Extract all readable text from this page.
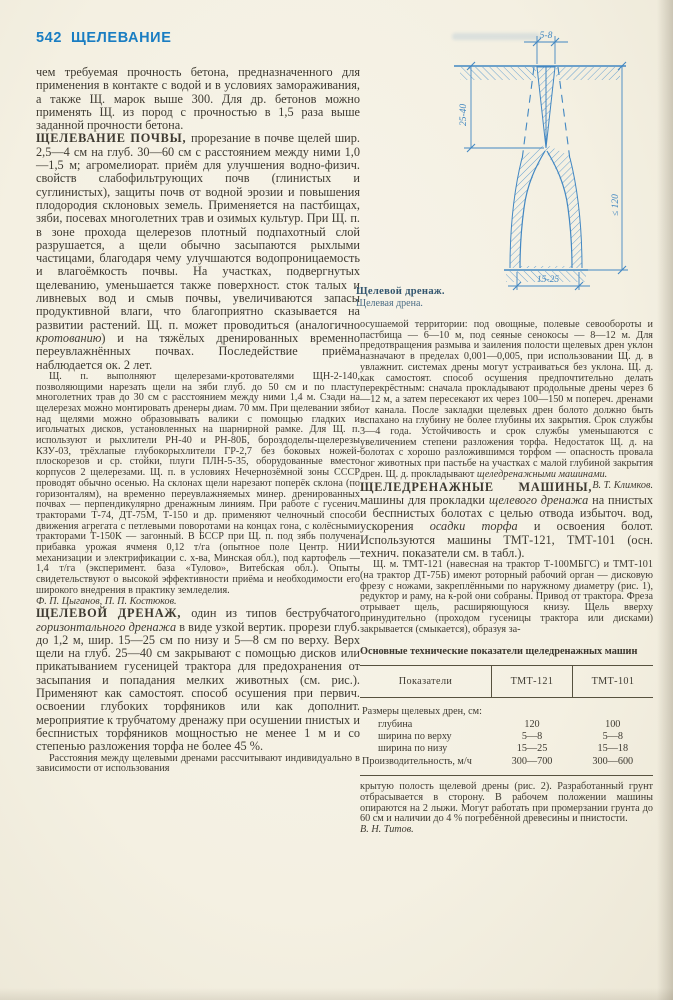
542 ЩЕЛЕВАНИЕ

чем требуемая прочность бетона, предназначенного для применения в контакте с водой и в условиях замораживания, а также Щ. марок выше 300. Для др. бетонов можно применять Щ. из пород с прочностью в 1,5 раза выше заданной прочности бетона.

ЩЕЛЕВАНИЕ ПОЧВЫ, прорезание в почве щелей шир. 2,5—4 см на глуб. 30—60 см с расстоянием между ними 1,0—1,5 м; агромелиорат. приём для улучшения водно-физич. свойств слабофильтрующих почв (глинистых и суглинистых), защиты почв от водной эрозии и повышения плодородия склоновых земель. Применяется на пастбищах, зяби, посевах многолетних трав и озимых культур. При Щ. п. в зоне прохода щелерезов плотный подпахотный слой разрушается, а щели обычно засыпаются рыхлыми частицами, благодаря чему улучшаются водопроницаемость и влагоёмкость почвы. На участках, подвергнутых щелеванию, уменьшается также поверхност. сток талых и ливневых вод и смыв почвы, увеличиваются запасы продуктивной влаги, что благоприятно сказывается на развитии растений. Щ. п. может проводиться (аналогично кротованию) и на тяжёлых дренированных временно переувлажнённых почвах. Последействие приёма наблюдается ок. 2 лет.

Щ. п. выполняют щелерезами-кротователями ЩН-2-140, позволяющими нарезать щели на зяби глуб. до 50 см и по пласту многолетних трав до 30 см с расстоянием между ними 1,4 м. Сзади на щелерезах можно монтировать дренеры диам. 70 мм. При щелевании зяби над щелями можно образовывать валики с помощью гладких и игольчатых дисков, установленных на шарнирной рамке. Для Щ. п. используют и рыхлители РН-40 и РН-80Б, бороздоделы-щелерезы КЗУ-03, трёхлапые глубокорыхлители ГР-2,7 без боковых ножей-плоскорезов и ср. стойки, плуги ПЛН-5-35, оборудованные вместо корпусов 2 щелерезами. Щ. п. в условиях Нечернозёмной зоны СССР проводят обычно осенью. На склонах щели нарезают поперёк склона (по горизонталям), на временно переувлажняемых минер. дренированных почвах — перпендикулярно дренажным линиям. При работе с гусенич. тракторами Т-74, ДТ-75М, Т-150 и др. применяют челночный способ движения агрегата с петлевыми поворотами на концах гона, с колёсными тракторами Т-150К — загонный. В БССР при Щ. п. под зябь получена прибавка урожая ячменя 0,12 т/га (опытное поле Центр. НИИ механизации и электрификации с. х-ва, Минская обл.), под картофель — 1,4 т/га (эксперимент. база «Тулово», Витебская обл.). Опыты свидетельствуют о высокой эффективности приёма и необходимости его широкого внедрения в практику земледелия.

Ф. П. Цыганов, П. П. Костюков.

ЩЕЛЕВОЙ ДРЕНАЖ, один из типов беструбчатого горизонтального дренажа в виде узкой вертик. прорези глуб. до 1,2 м, шир. 15—25 см по низу и 5—8 см по верху. Верх щели на глуб. 25—40 см закрывают с помощью дисков или прикатыванием гусеницей трактора для предохранения от засыпания и попадания мелких животных (см. рис.). Применяют как самостоят. способ осушения при первич. освоении глубоких торфяников или как дополнит. мероприятие к трубчатому дренажу при осушении пнистых и беспнистых торфяников мощностью не менее 1 м и со степенью разложения торфа не более 45 %.

Расстояния между щелевыми дренами рассчитывают индивидуально в зависимости от использования

5-8
25-40
≤ 120
15-25
Щелевой дренаж.
Щелевая дрена.

осушаемой территории: под овощные, полевые севообороты и пастбища — 6—10 м, под сеяные сенокосы — 8—12 м. Для предотвращения размыва и заиления полости щелевых дрен уклон назначают в пределах 0,001—0,005, при использовании Щ. д. в увлажнит. системах дрены могут устраиваться без уклона. Щ. д. как самостоят. способ осушения предпочтительно делать перекрёстным: сначала прокладывают продольные дрены через 6—12 м, а затем пересекают их через 100—150 м попереч. дренами от канала. После закладки щелевых дрен болото должно быть вспахано на глубину не более глубины их закрытия. Срок службы 3—4 года. Устойчивость и срок службы уменьшаются с увеличением степени разложения торфа. Недостаток Щ. д. на болотах с хорошо разложившимся торфом — опасность провала ног животных при пастьбе на участках с малой глубиной закрытия дрен. Щ. д. прокладывают щеледренажными машинами.
В. Т. Климков.

ЩЕЛЕДРЕНАЖНЫЕ МАШИНЫ, машины для прокладки щелевого дренажа на пнистых и беспнистых болотах с целью отвода избыточ. вод, ускорения осадки торфа и освоения болот. Используются машины ТМТ-121, ТМТ-101 (осн. технич. показатели см. в табл.).

Щ. м. ТМТ-121 (навесная на трактор Т-100МБГС) и ТМТ-101 (на трактор ДТ-75Б) имеют роторный рабочий орган — дисковую фрезу с ножами, закреплёнными по наружному диаметру (рис. 1), редуктор и раму, на к-рой они собраны. Привод от трактора. Фреза отрывает щель, расширяющуюся книзу. Щель вверху принудительно (проходом гусеницы трактора или дисками) закрывается (смыкается), образуя за-

Основные технические показатели щеледренажных машин
Показатели	ТМТ-121	ТМТ-101
Размеры щелевых дрен, см:		
глубина	120	100
ширина по верху	5—8	5—8
ширина по низу	15—25	15—18
Производительность, м/ч	300—700	300—600

крытую полость щелевой дрены (рис. 2). Разработанный грунт отбрасывается в сторону. В рабочем положении машины опираются на 2 лыжи. Могут работать при промерзании грунта до 60 см и наличии до 4 % погребённой древесины и пнистости.

В. Н. Титов.
